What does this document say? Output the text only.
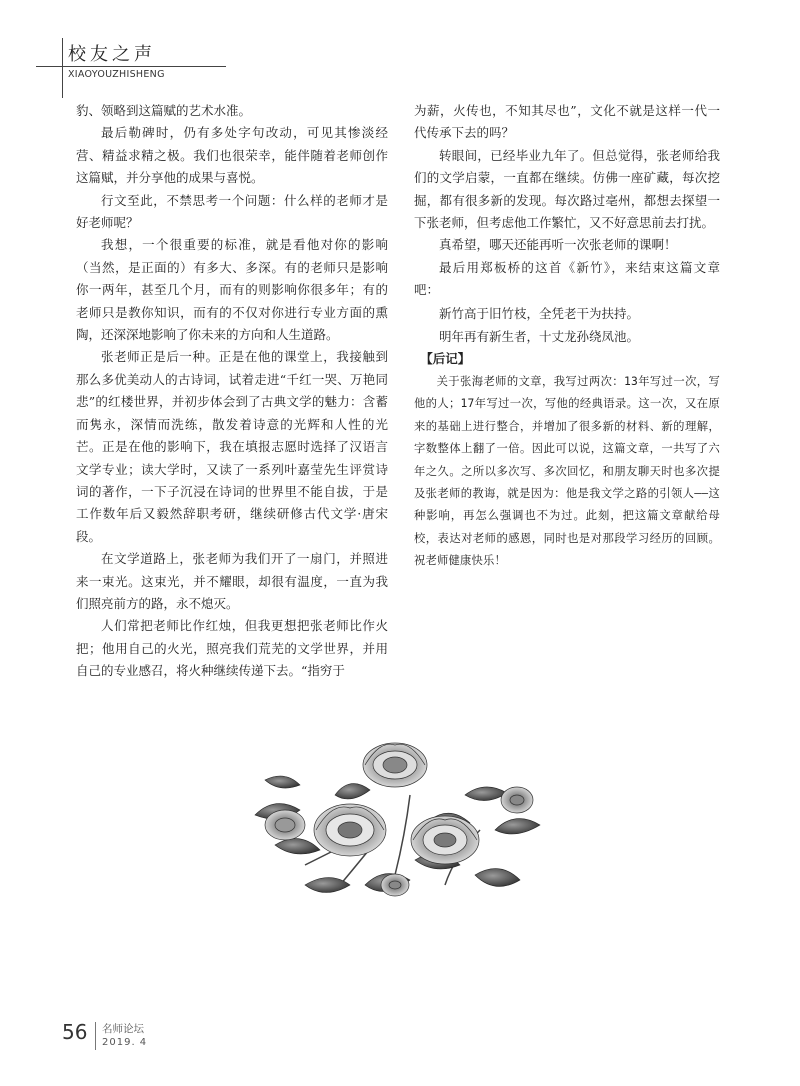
校友之声
XIAOYOUZHISHENG

豹、领略到这篇赋的艺术水准。

最后勒碑时，仍有多处字句改动，可见其惨淡经营、精益求精之极。我们也很荣幸，能伴随着老师创作这篇赋，并分享他的成果与喜悦。

行文至此，不禁思考一个问题：什么样的老师才是好老师呢？

我想，一个很重要的标准，就是看他对你的影响（当然，是正面的）有多大、多深。有的老师只是影响你一两年，甚至几个月，而有的则影响你很多年；有的老师只是教你知识，而有的不仅对你进行专业方面的熏陶，还深深地影响了你未来的方向和人生道路。

张老师正是后一种。正是在他的课堂上，我接触到那么多优美动人的古诗词，试着走进“千红一哭、万艳同悲”的红楼世界，并初步体会到了古典文学的魅力：含蓄而隽永，深情而洗练，散发着诗意的光辉和人性的光芒。正是在他的影响下，我在填报志愿时选择了汉语言文学专业；读大学时，又读了一系列叶嘉莹先生评赏诗词的著作，一下子沉浸在诗词的世界里不能自拔，于是工作数年后又毅然辞职考研，继续研修古代文学·唐宋段。

在文学道路上，张老师为我们开了一扇门，并照进来一束光。这束光，并不耀眼，却很有温度，一直为我们照亮前方的路，永不熄灭。

人们常把老师比作红烛，但我更想把张老师比作火把；他用自己的火光，照亮我们荒芜的文学世界，并用自己的专业感召，将火种继续传递下去。“指穷于

为薪，火传也，不知其尽也”，文化不就是这样一代一代传承下去的吗？

转眼间，已经毕业九年了。但总觉得，张老师给我们的文学启蒙，一直都在继续。仿佛一座矿藏，每次挖掘，都有很多新的发现。每次路过亳州，都想去探望一下张老师，但考虑他工作繁忙，又不好意思前去打扰。

真希望，哪天还能再听一次张老师的课啊！

最后用郑板桥的这首《新竹》，来结束这篇文章吧：

新竹高于旧竹枝，全凭老干为扶持。

明年再有新生者，十丈龙孙绕凤池。

【后记】

关于张海老师的文章，我写过两次：13年写过一次，写他的人；17年写过一次，写他的经典语录。这一次，又在原来的基础上进行整合，并增加了很多新的材料、新的理解，字数整体上翻了一倍。因此可以说，这篇文章，一共写了六年之久。之所以多次写、多次回忆，和朋友聊天时也多次提及张老师的教诲，就是因为：他是我文学之路的引领人——这种影响，再怎么强调也不为过。此刻，把这篇文章献给母校，表达对老师的感恩，同时也是对那段学习经历的回顾。祝老师健康快乐！

56 名师论坛
2019. 4
